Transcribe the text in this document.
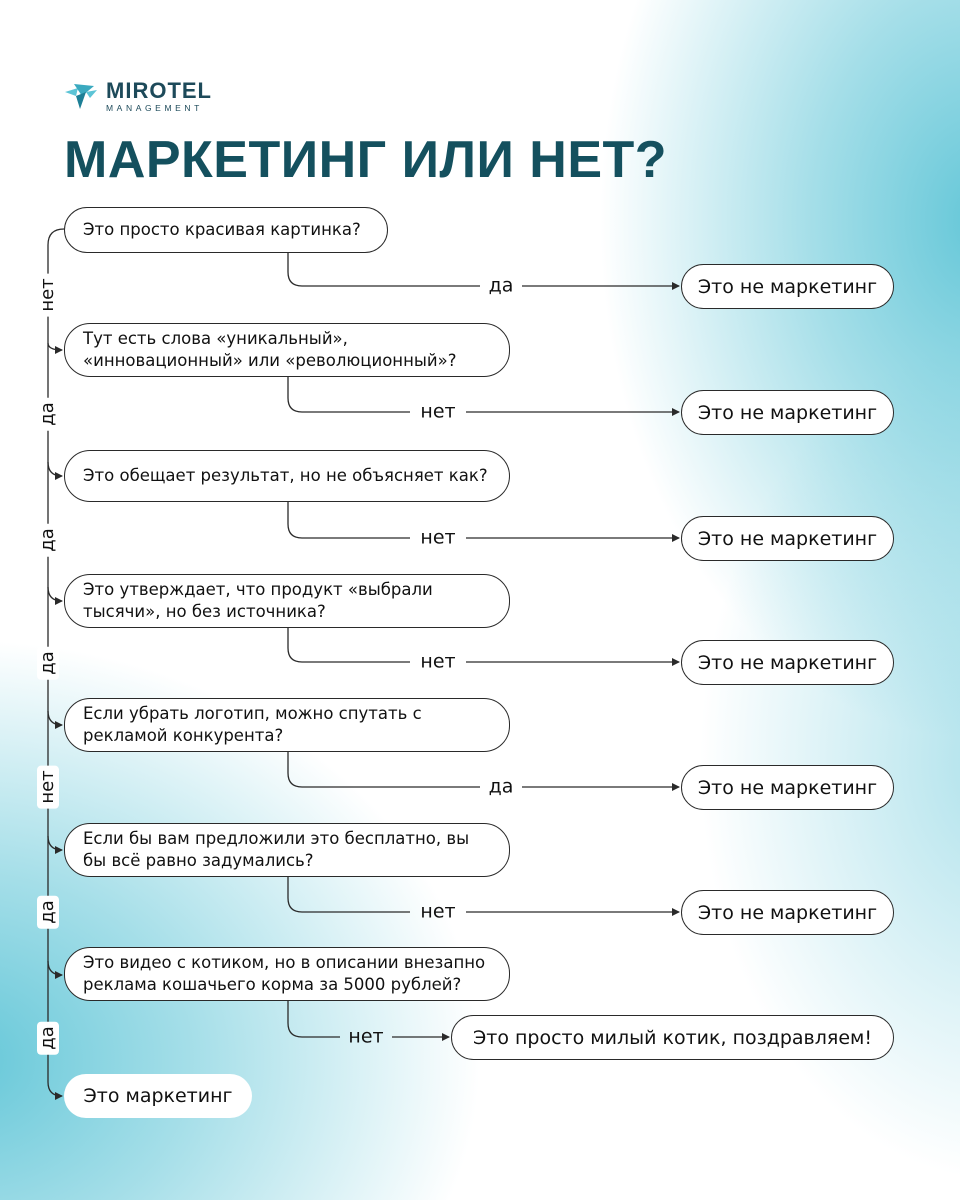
MIROTEL
MANAGEMENT
МАРКЕТИНГ ИЛИ НЕТ?
нет
да
да
да
нет
да
да
Это просто красивая картинка?
Тут есть слова «уникальный»,
«инновационный» или «революционный»?
Это обещает результат, но не объясняет как?
Это утверждает, что продукт «выбрали
тысячи», но без источника?
Если убрать логотип, можно спутать с
рекламой конкурента?
Если бы вам предложили это бесплатно, вы
бы всё равно задумались?
Это видео с котиком, но в описании внезапно
реклама кошачьего корма за 5000 рублей?
да
нет
нет
нет
да
нет
нет
Это не маркетинг
Это не маркетинг
Это не маркетинг
Это не маркетинг
Это не маркетинг
Это не маркетинг
Это просто милый котик, поздравляем!
Это маркетинг
